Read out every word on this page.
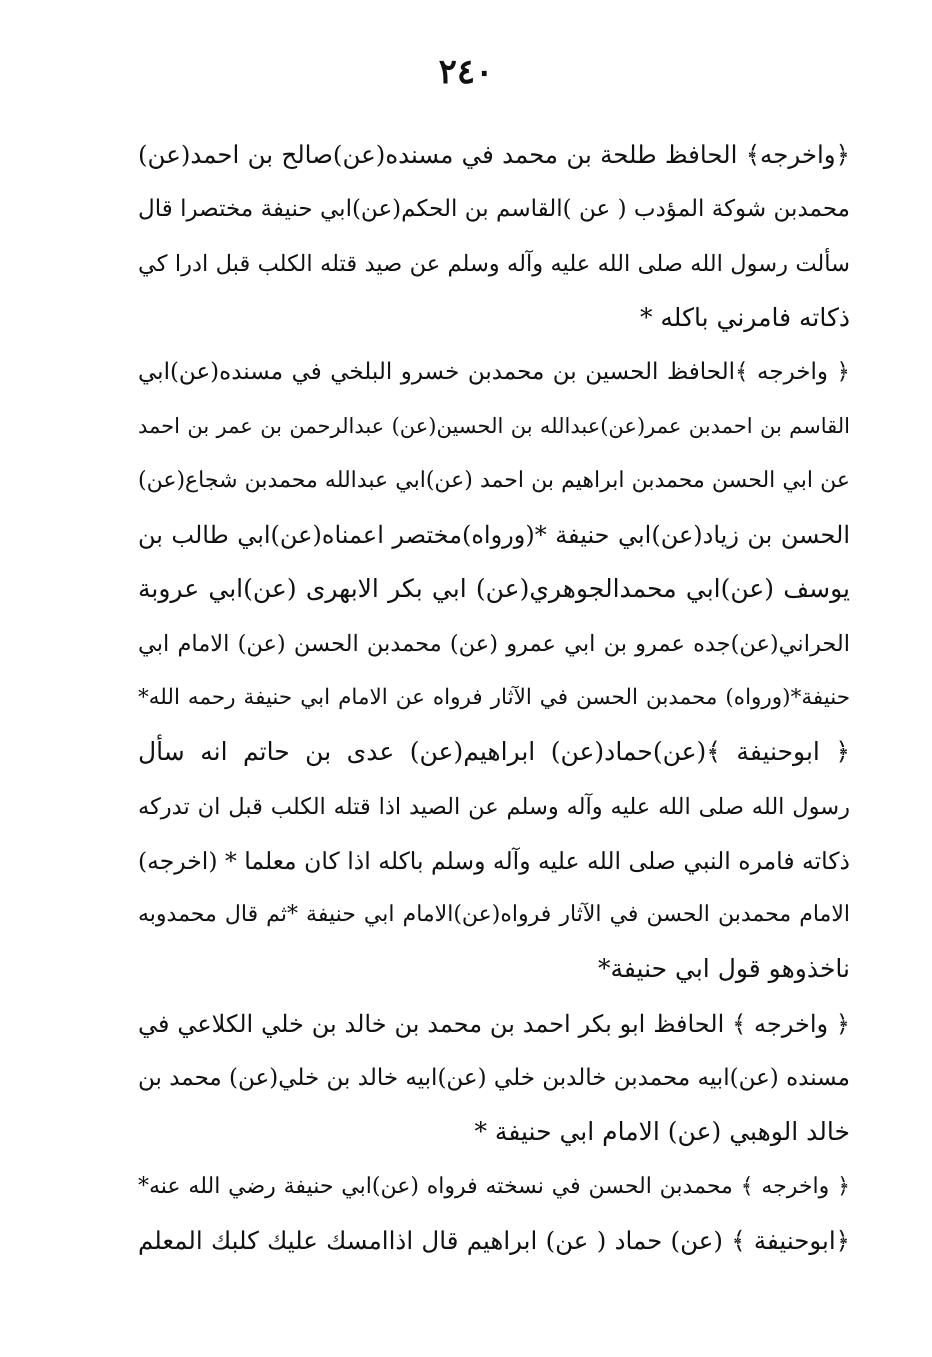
٢٤٠
﴿واخرجه﴾ الحافظ طلحة بن محمد في مسنده(عن)صالح بن احمد(عن)
محمدبن شوكة المؤدب ( عن )القاسم بن الحكم(عن)ابي حنيفة مختصرا قال
سألت رسول الله صلى الله عليه وآله وسلم عن صيد قتله الكلب قبل ادرا كي
ذكاته فامرني باكله *
﴿ واخرجه ﴾الحافظ الحسين بن محمدبن خسرو البلخي في مسنده(عن)ابي
القاسم بن احمدبن عمر(عن)عبدالله بن الحسين(عن) عبدالرحمن بن عمر بن احمد
عن ابي الحسن محمدبن ابراهيم بن احمد (عن)ابي عبدالله محمدبن شجاع(عن)
الحسن بن زياد(عن)ابي حنيفة *(ورواه)مختصر اعمناه(عن)ابي طالب بن
يوسف (عن)ابي محمدالجوهري(عن) ابي بكر الابهرى (عن)ابي عروبة
الحراني(عن)جده عمرو بن ابي عمرو (عن) محمدبن الحسن (عن) الامام ابي
حنيفة*(ورواه) محمدبن الحسن في الآثار فرواه عن الامام ابي حنيفة رحمه الله*
﴿ ابوحنيفة ﴾(عن)حماد(عن) ابراهيم(عن) عدى بن حاتم انه سأل
رسول الله صلى الله عليه وآله وسلم عن الصيد اذا قتله الكلب قبل ان تدركه
ذكاته فامره النبي صلى الله عليه وآله وسلم باكله اذا كان معلما * (اخرجه)
الامام محمدبن الحسن في الآثار فرواه(عن)الامام ابي حنيفة *ثم قال محمدوبه
ناخذوهو قول ابي حنيفة*
﴿ واخرجه ﴾ الحافظ ابو بكر احمد بن محمد بن خالد بن خلي الكلاعي في
مسنده (عن)ابيه محمدبن خالدبن خلي (عن)ابيه خالد بن خلي(عن) محمد بن
خالد الوهبي (عن) الامام ابي حنيفة *
﴿ واخرجه ﴾ محمدبن الحسن في نسخته فرواه (عن)ابي حنيفة رضي الله عنه*
﴿ابوحنيفة ﴾ (عن) حماد ( عن) ابراهيم قال اذاامسك عليك كلبك المعلم
